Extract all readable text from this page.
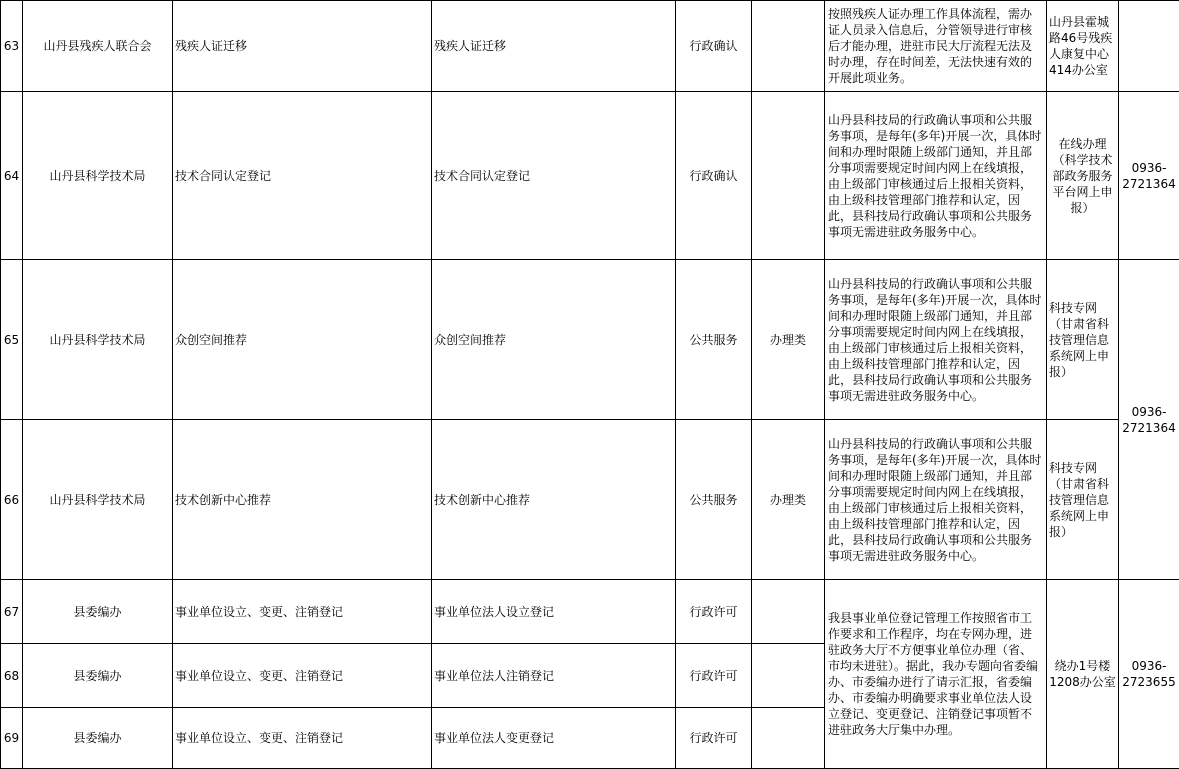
63	山丹县残疾人联合会	残疾人证迁移	残疾人证迁移	行政确认		按照残疾人证办理工作具体流程，需办证人员录入信息后，分管领导进行审核后才能办理，进驻市民大厅流程无法及时办理，存在时间差，无法快速有效的开展此项业务。	山丹县霍城路46号残疾人康复中心414办公室	
64	山丹县科学技术局	技术合同认定登记	技术合同认定登记	行政确认		山丹县科技局的行政确认事项和公共服务事项，是每年(多年)开展一次，具体时间和办理时限随上级部门通知，并且部分事项需要规定时间内网上在线填报，由上级部门审核通过后上报相关资料，由上级科技管理部门推荐和认定，因此，县科技局行政确认事项和公共服务事项无需进驻政务服务中心。	在线办理（科学技术部政务服务平台网上申报）	0936-2721364
65	山丹县科学技术局	众创空间推荐	众创空间推荐	公共服务	办理类	山丹县科技局的行政确认事项和公共服务事项，是每年(多年)开展一次，具体时间和办理时限随上级部门通知，并且部分事项需要规定时间内网上在线填报，由上级部门审核通过后上报相关资料，由上级科技管理部门推荐和认定，因此，县科技局行政确认事项和公共服务事项无需进驻政务服务中心。	科技专网（甘肃省科技管理信息系统网上申报）	0936-2721364
66	山丹县科学技术局	技术创新中心推荐	技术创新中心推荐	公共服务	办理类	山丹县科技局的行政确认事项和公共服务事项，是每年(多年)开展一次，具体时间和办理时限随上级部门通知，并且部分事项需要规定时间内网上在线填报，由上级部门审核通过后上报相关资料，由上级科技管理部门推荐和认定，因此，县科技局行政确认事项和公共服务事项无需进驻政务服务中心。	科技专网（甘肃省科技管理信息系统网上申报）	
67	县委编办	事业单位设立、变更、注销登记	事业单位法人设立登记	行政许可		我县事业单位登记管理工作按照省市工作要求和工作程序，均在专网办理，进驻政务大厅不方便事业单位办理（省、市均未进驻）。据此，我办专题向省委编办、市委编办进行了请示汇报，省委编办、市委编办明确要求事业单位法人设立登记、变更登记、注销登记事项暂不进驻政务大厅集中办理。	绕办1号楼1208办公室	0936-2723655
68	县委编办	事业单位设立、变更、注销登记	事业单位法人注销登记	行政许可				
69	县委编办	事业单位设立、变更、注销登记	事业单位法人变更登记	行政许可				
